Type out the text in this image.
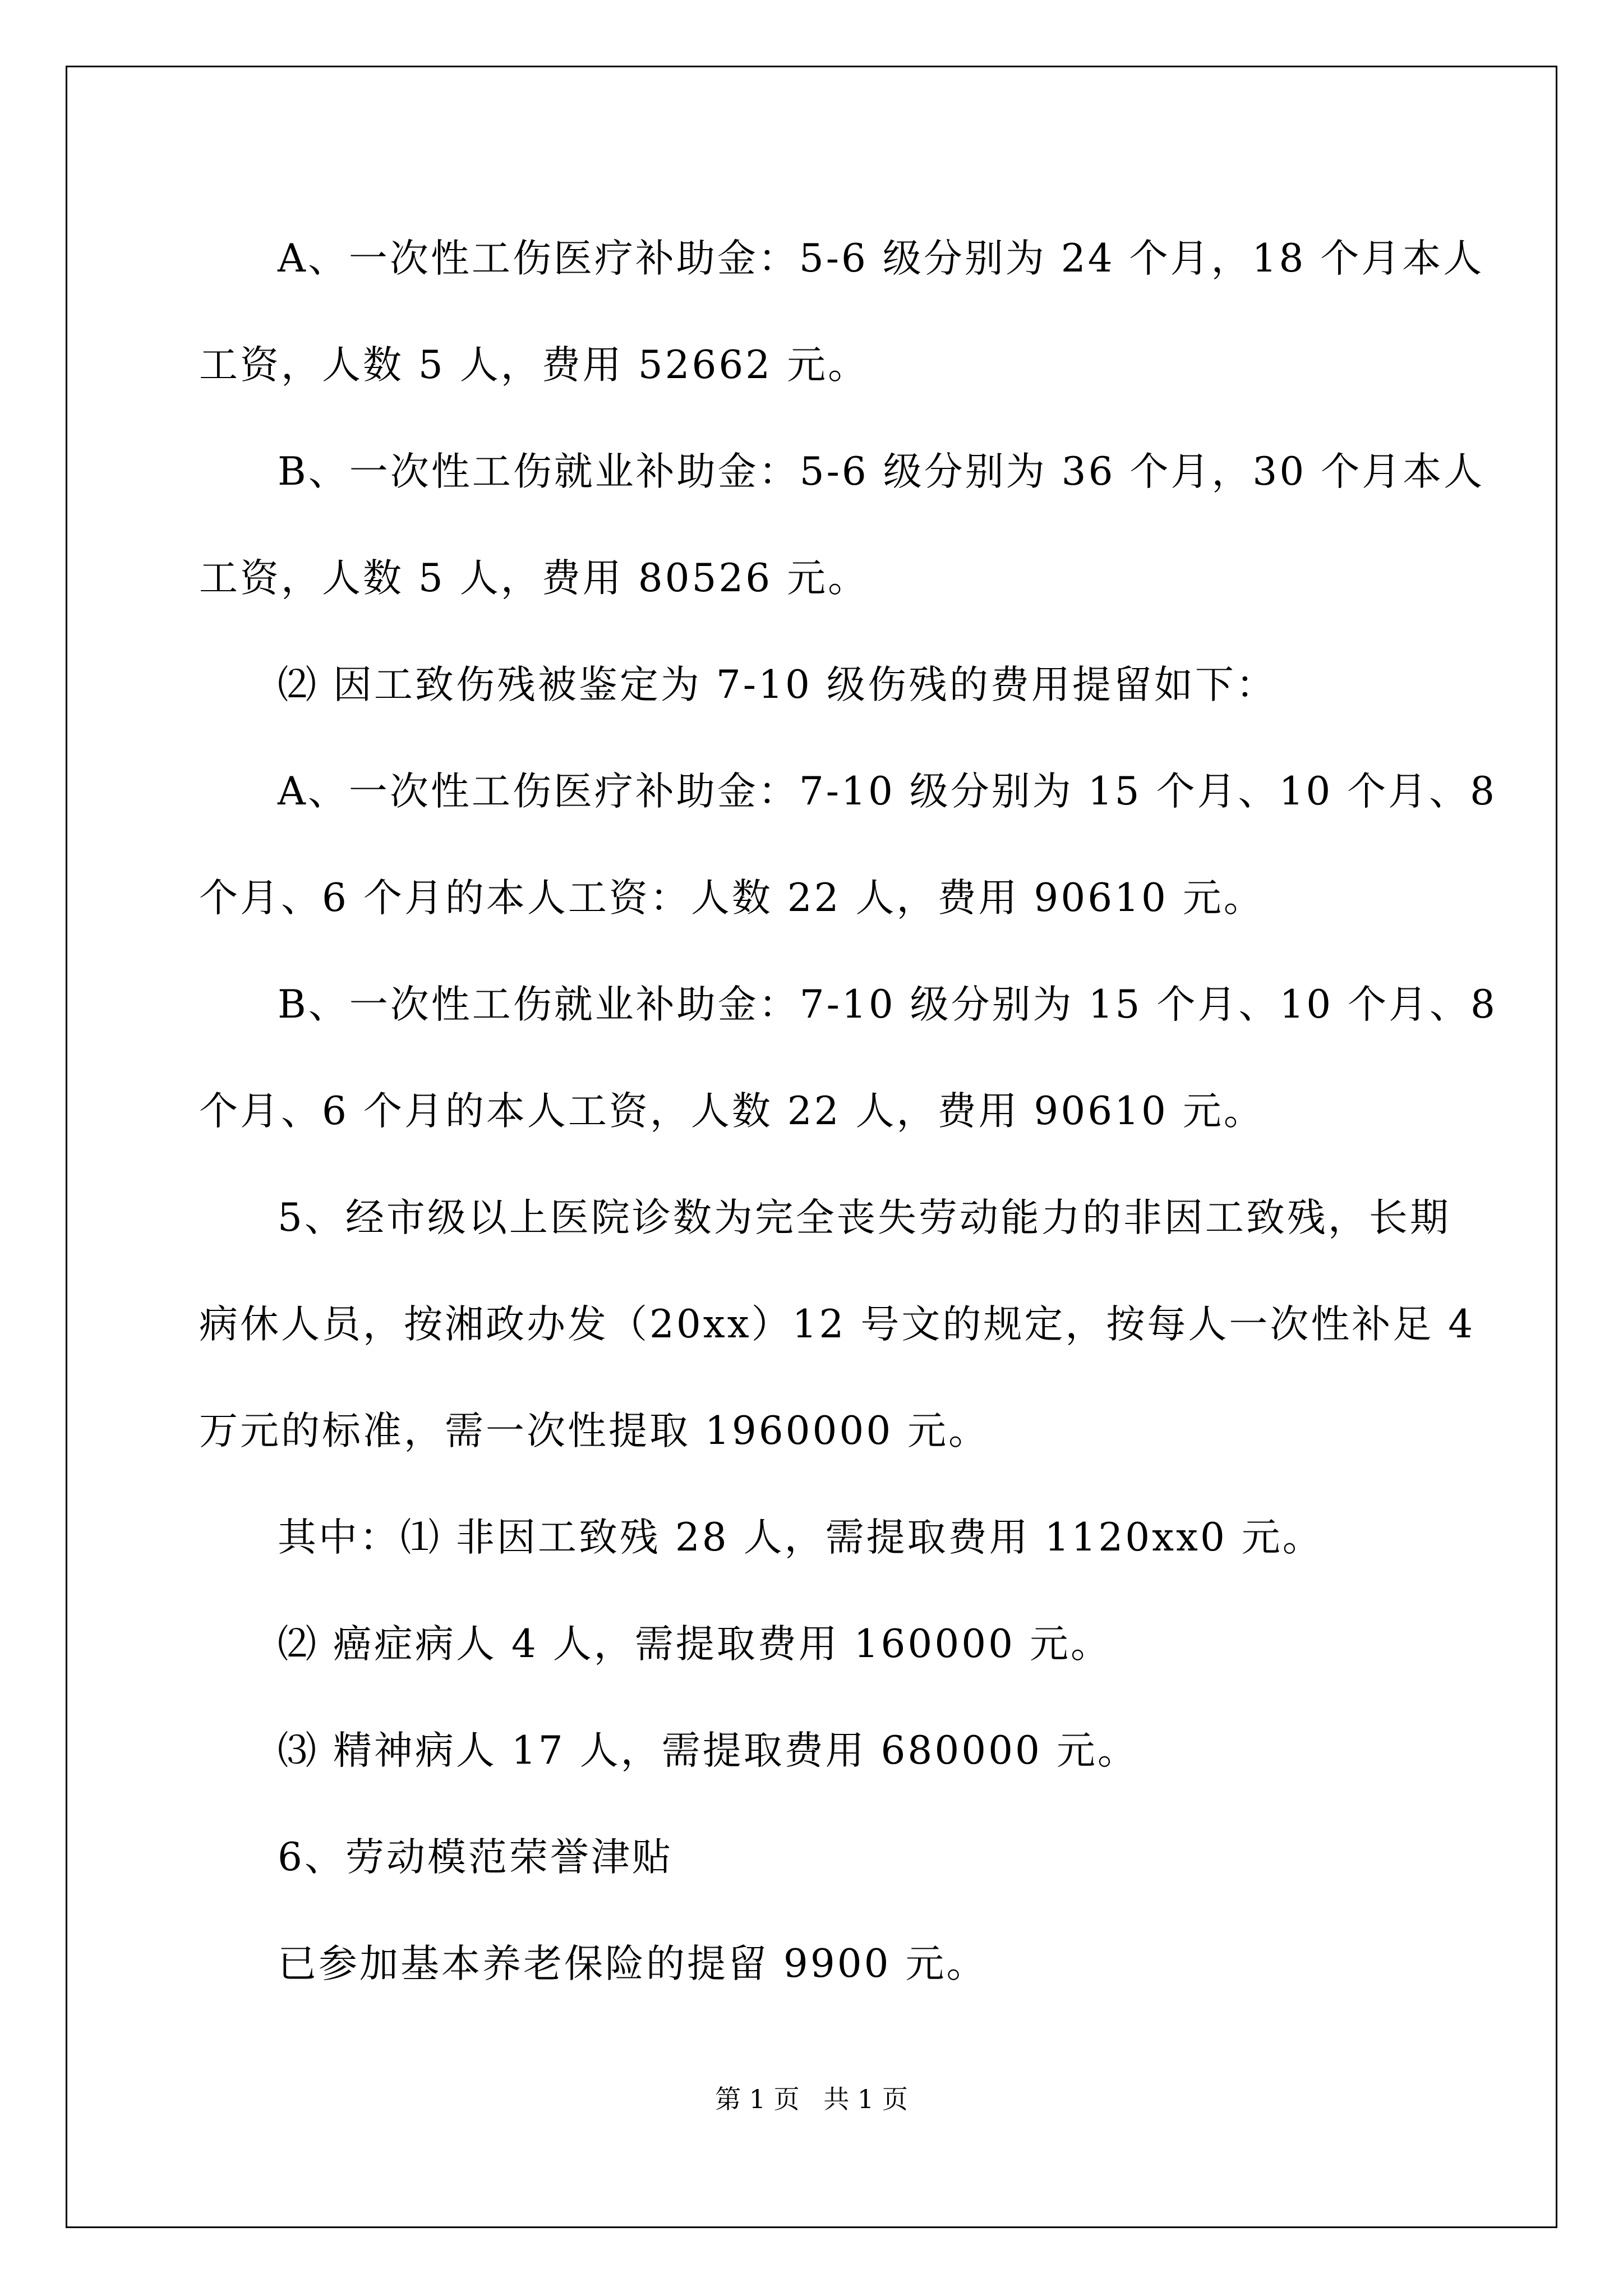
A、一次性工伤医疗补助金：5-6 级分别为 24 个月，18 个月本人

工资，人数 5 人，费用 52662 元。

B、一次性工伤就业补助金：5-6 级分别为 36 个月，30 个月本人

工资，人数 5 人，费用 80526 元。

⑵ 因工致伤残被鉴定为 7-10 级伤残的费用提留如下：

A、一次性工伤医疗补助金：7-10 级分别为 15 个月、10 个月、8

个月、6 个月的本人工资：人数 22 人，费用 90610 元。

B、一次性工伤就业补助金：7-10 级分别为 15 个月、10 个月、8

个月、6 个月的本人工资，人数 22 人，费用 90610 元。

5、经市级以上医院诊数为完全丧失劳动能力的非因工致残，长期

病休人员，按湘政办发（20xx）12 号文的规定，按每人一次性补足 4

万元的标准，需一次性提取 1960000 元。

其中：⑴ 非因工致残 28 人，需提取费用 1120xx0 元。

⑵ 癌症病人 4 人，需提取费用 160000 元。

⑶ 精神病人 17 人，需提取费用 680000 元。

6、劳动模范荣誉津贴

已参加基本养老保险的提留 9900 元。

第 1 页 共 1 页
